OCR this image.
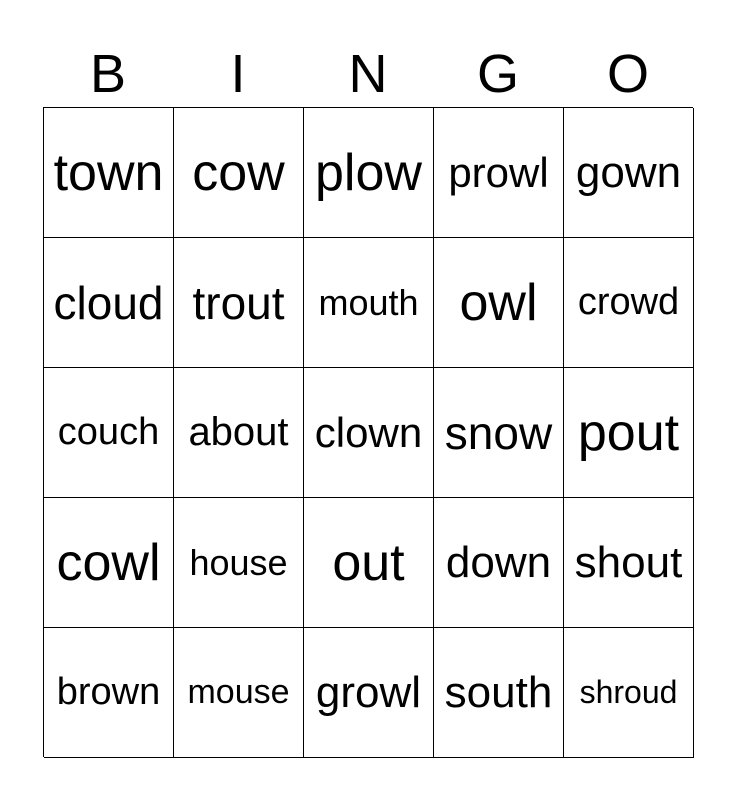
B	I	N	G	O
town cow plow prowl gown
cloud trout mouth owl crowd
couch about clown snow pout
cowl house out down shout
brown mouse growl south shroud
